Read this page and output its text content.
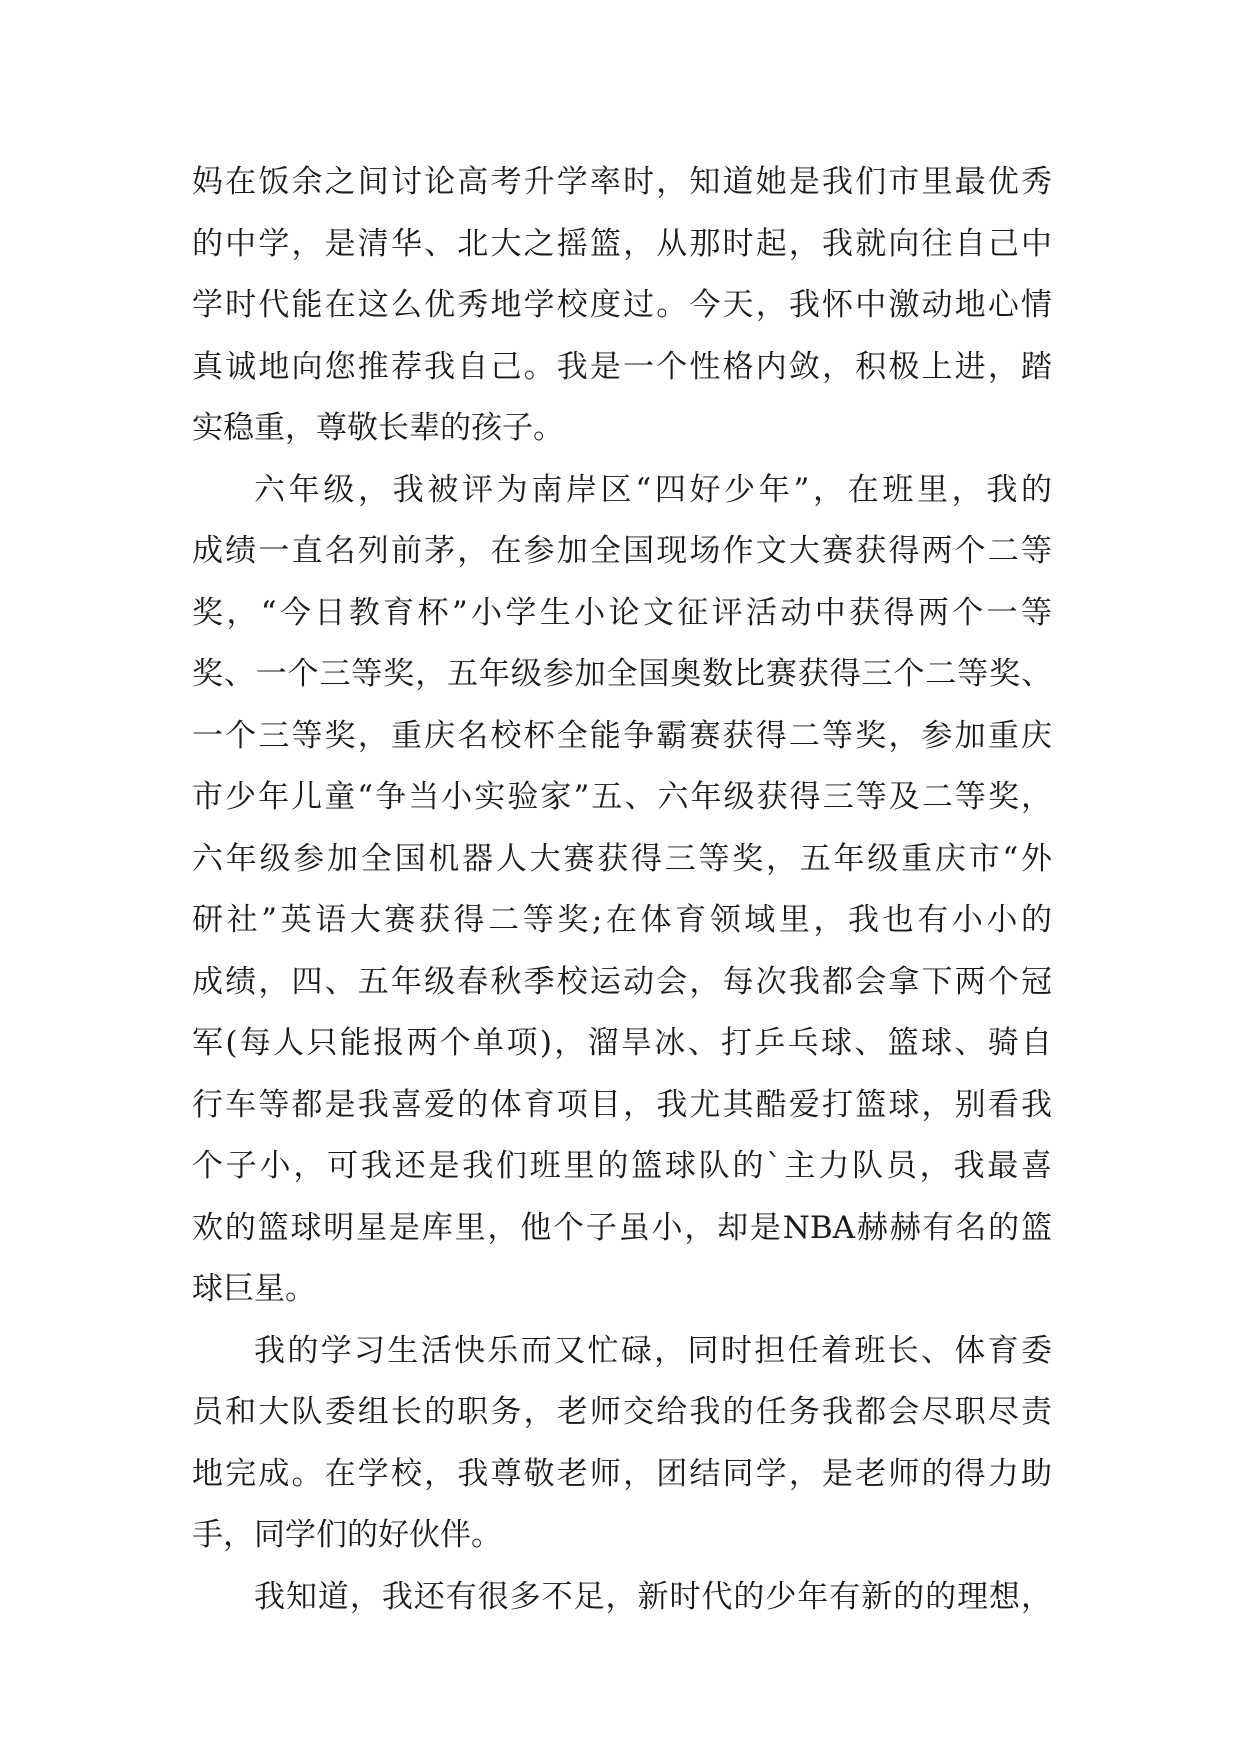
妈在饭余之间讨论高考升学率时，知道她是我们市里最优秀
的中学，是清华、北大之摇篮，从那时起，我就向往自己中
学时代能在这么优秀地学校度过。今天，我怀中激动地心情
真诚地向您推荐我自己。我是一个性格内敛，积极上进，踏
实稳重，尊敬长辈的孩子。
六年级，我被评为南岸区“四好少年”，在班里，我的
成绩一直名列前茅，在参加全国现场作文大赛获得两个二等
奖，“今日教育杯”小学生小论文征评活动中获得两个一等
奖、一个三等奖，五年级参加全国奥数比赛获得三个二等奖、
一个三等奖，重庆名校杯全能争霸赛获得二等奖，参加重庆
市少年儿童“争当小实验家”五、六年级获得三等及二等奖，
六年级参加全国机器人大赛获得三等奖，五年级重庆市“外
研社”英语大赛获得二等奖;在体育领域里，我也有小小的
成绩，四、五年级春秋季校运动会，每次我都会拿下两个冠
军(每人只能报两个单项)，溜旱冰、打乒乓球、篮球、骑自
行车等都是我喜爱的体育项目，我尤其酷爱打篮球，别看我
个子小，可我还是我们班里的篮球队的`主力队员，我最喜
欢的篮球明星是库里，他个子虽小，却是NBA赫赫有名的篮
球巨星。
我的学习生活快乐而又忙碌，同时担任着班长、体育委
员和大队委组长的职务，老师交给我的任务我都会尽职尽责
地完成。在学校，我尊敬老师，团结同学，是老师的得力助
手，同学们的好伙伴。
我知道，我还有很多不足，新时代的少年有新的的理想，
